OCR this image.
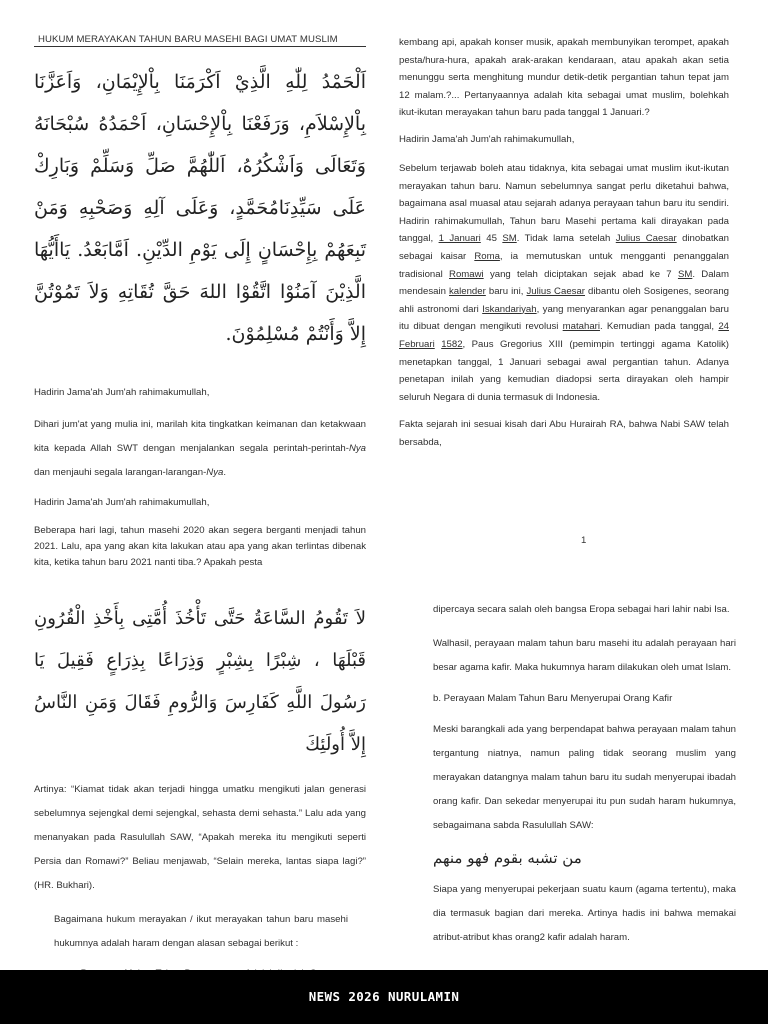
HUKUM MERAYAKAN TAHUN BARU MASEHI BAGI UMAT MUSLIM
اَلْحَمْدُ لِلّٰهِ الَّذِيْ اَكْرَمَنَا بِاْلإِيْمَانِ، وَاَعَزَّنَا بِاْلإِسْلاَمِ، وَرَفَعْنَا بِاْلإِحْسَانِ، اَحْمَدُهُ سُبْحَانَهُ وَتَعَالَى وَاَشْكُرُهُ، اَللّٰهُمَّ صَلِّ وَسَلِّمْ وَبَارِكْ عَلَى سَيِّدِنَامُحَمَّدٍ، وَعَلَى آلِهِ وَصَحْبِهِ وَمَنْ تَبِعَهُمْ بِإِحْسَانٍ إِلَى يَوْمِ الدِّيْنِ. اَمَّابَعْدُ. يَاأَيُّهَا الَّذِيْنَ آمَنُوْا اتَّقُوْا اللهَ حَقَّ تُقَاتِهِ وَلاَ تَمُوْتُنَّ إِلاَّ وَأَنْتُمْ مُسْلِمُوْنَ.
Hadirin Jama'ah Jum'ah rahimakumullah,

Dihari jum'at yang mulia ini, marilah kita tingkatkan keimanan dan ketakwaan kita kepada Allah SWT dengan menjalankan segala perintah-perintah-Nya dan menjauhi segala larangan-larangan-Nya.

Hadirin Jama'ah Jum'ah rahimakumullah,

Beberapa hari lagi, tahun masehi 2020 akan segera berganti menjadi tahun 2021. Lalu, apa yang akan kita lakukan atau apa yang akan terlintas dibenak kita, ketika tahun baru 2021 nanti tiba.? Apakah pesta

kembang api, apakah konser musik, apakah membunyikan terompet, apakah pesta/hura-hura, apakah arak-arakan kendaraan, atau apakah akan setia menunggu serta menghitung mundur detik-detik pergantian tahun tepat jam 12 malam.?... Pertanyaannya adalah kita sebagai umat muslim, bolehkah ikut-ikutan merayakan tahun baru pada tanggal 1 Januari.?

Hadirin Jama'ah Jum'ah rahimakumullah,

Sebelum terjawab boleh atau tidaknya, kita sebagai umat muslim ikut-ikutan merayakan tahun baru. Namun sebelumnya sangat perlu diketahui bahwa, bagaimana asal muasal atau sejarah adanya perayaan tahun baru itu sendiri. Hadirin rahimakumullah, Tahun baru Masehi pertama kali dirayakan pada tanggal, 1 Januari 45 SM. Tidak lama setelah Julius Caesar dinobatkan sebagai kaisar Roma, ia memutuskan untuk mengganti penanggalan tradisional Romawi yang telah diciptakan sejak abad ke 7 SM. Dalam mendesain kalender baru ini, Julius Caesar dibantu oleh Sosigenes, seorang ahli astronomi dari Iskandariyah, yang menyarankan agar penanggalan baru itu dibuat dengan mengikuti revolusi matahari. Kemudian pada tanggal, 24 Februari 1582, Paus Gregorius XIII (pemimpin tertinggi agama Katolik) menetapkan tanggal, 1 Januari sebagai awal pergantian tahun. Adanya penetapan inilah yang kemudian diadopsi serta dirayakan oleh hampir seluruh Negara di dunia termasuk di Indonesia.

Fakta sejarah ini sesuai kisah dari Abu Hurairah RA, bahwa Nabi SAW telah bersabda,

1
لاَ تَقُومُ السَّاعَةُ حَتَّى تَأْخُذَ أُمَّتِى بِأَخْذِ الْقُرُونِ قَبْلَهَا ، شِبْرًا بِشِبْرٍ وَذِرَاعًا بِذِرَاعٍ فَقِيلَ يَا رَسُولَ اللَّهِ كَفَارِسَ وَالرُّومِ فَقَالَ وَمَنِ النَّاسُ إِلاَّ أُولَئِكَ

Artinya: “Kiamat tidak akan terjadi hingga umatku mengikuti jalan generasi sebelumnya sejengkal demi sejengkal, sehasta demi sehasta.” Lalu ada yang menanyakan pada Rasulullah SAW, “Apakah mereka itu mengikuti seperti Persia dan Romawi?” Beliau menjawab, “Selain mereka, lantas siapa lagi?” (HR. Bukhari).

Bagaimana hukum merayakan / ikut merayakan tahun baru masehi hukumnya adalah haram dengan alasan sebagai berikut :

dipercaya secara salah oleh bangsa Eropa sebagai hari lahir nabi Isa.

Walhasil, perayaan malam tahun baru masehi itu adalah perayaan hari besar agama kafir. Maka hukumnya haram dilakukan oleh umat Islam.

b. Perayaan Malam Tahun Baru Menyerupai Orang Kafir

Meski barangkali ada yang berpendapat bahwa perayaan malam tahun tergantung niatnya, namun paling tidak seorang muslim yang merayakan datangnya malam tahun baru itu sudah menyerupai ibadah orang kafir. Dan sekedar menyerupai itu pun sudah haram hukumnya, sebagaimana sabda Rasulullah SAW:

من تشبه بقوم فهو منهم

Siapa yang menyerupai pekerjaan suatu kaum (agama tertentu), maka dia termasuk bagian dari mereka. Artinya hadis ini bahwa memakai atribut-atribut khas orang2 kafir adalah haram.

NEWS 2026 NURULAMIN
